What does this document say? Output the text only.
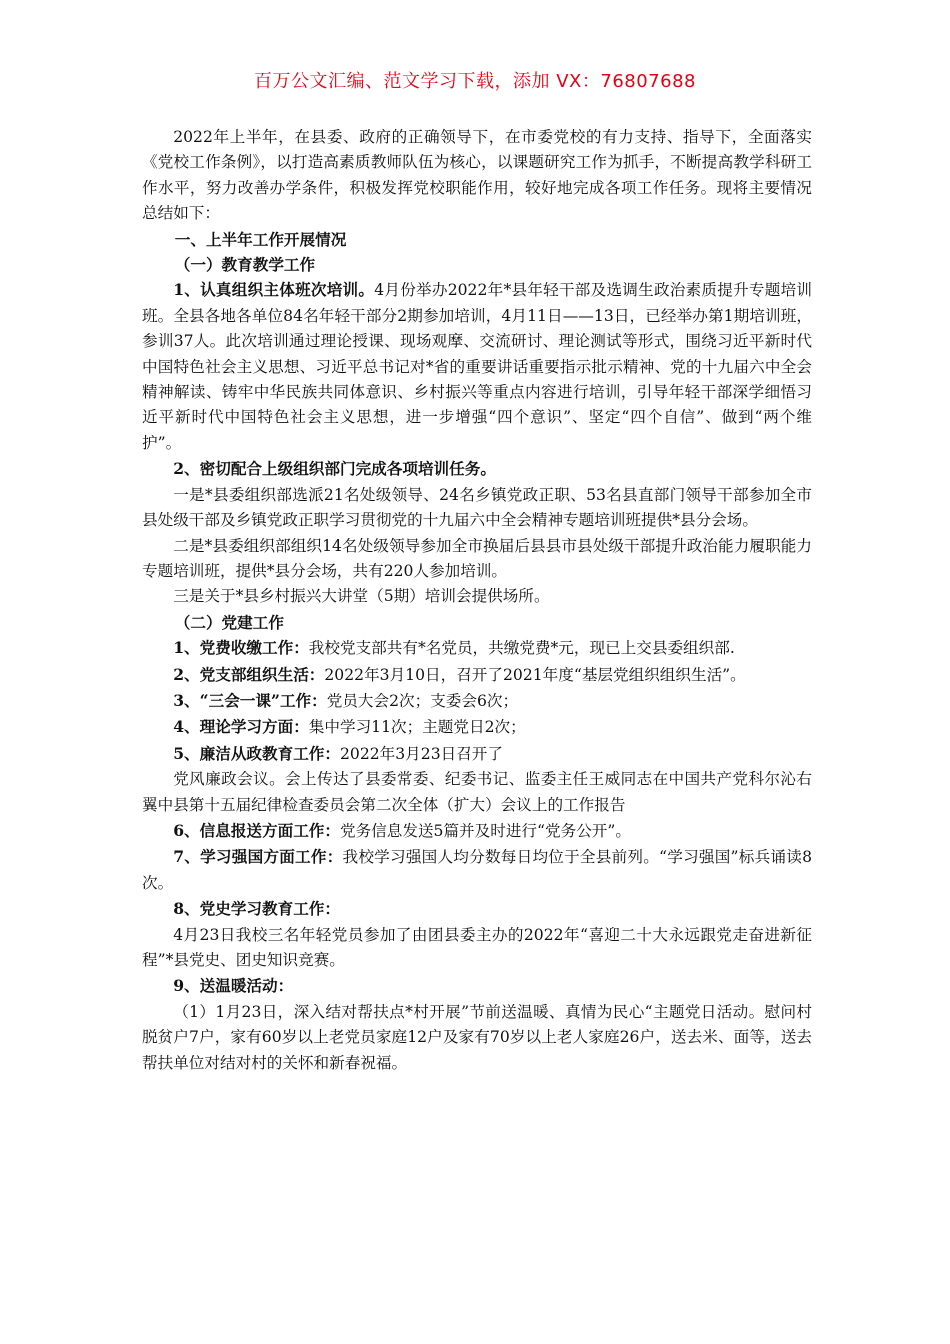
百万公文汇编、范文学习下载，添加 VX：76807688

2022年上半年，在县委、政府的正确领导下，在市委党校的有力支持、指导下，全面落实《党校工作条例》，以打造高素质教师队伍为核心，以课题研究工作为抓手，不断提高教学科研工作水平，努力改善办学条件，积极发挥党校职能作用，较好地完成各项工作任务。现将主要情况总结如下：

一、上半年工作开展情况

（一）教育教学工作

1、认真组织主体班次培训。4月份举办2022年*县年轻干部及选调生政治素质提升专题培训班。全县各地各单位84名年轻干部分2期参加培训，4月11日——13日，已经举办第1期培训班，参训37人。此次培训通过理论授课、现场观摩、交流研讨、理论测试等形式，围绕习近平新时代中国特色社会主义思想、习近平总书记对*省的重要讲话重要指示批示精神、党的十九届六中全会精神解读、铸牢中华民族共同体意识、乡村振兴等重点内容进行培训，引导年轻干部深学细悟习近平新时代中国特色社会主义思想，进一步增强“四个意识”、坚定“四个自信”、做到“两个维护”。

2、密切配合上级组织部门完成各项培训任务。

一是*县委组织部选派21名处级领导、24名乡镇党政正职、53名县直部门领导干部参加全市县处级干部及乡镇党政正职学习贯彻党的十九届六中全会精神专题培训班提供*县分会场。

二是*县委组织部组织14名处级领导参加全市换届后县县市县处级干部提升政治能力履职能力专题培训班，提供*县分会场，共有220人参加培训。

三是关于*县乡村振兴大讲堂（5期）培训会提供场所。

（二）党建工作

1、党费收缴工作：我校党支部共有*名党员，共缴党费*元，现已上交县委组织部.

2、党支部组织生活：2022年3月10日，召开了2021年度“基层党组织组织生活”。

3、“三会一课”工作：党员大会2次；支委会6次；

4、理论学习方面：集中学习11次；主题党日2次；

5、廉洁从政教育工作：2022年3月23日召开了

党风廉政会议。会上传达了县委常委、纪委书记、监委主任王威同志在中国共产党科尔沁右翼中县第十五届纪律检查委员会第二次全体（扩大）会议上的工作报告

6、信息报送方面工作：党务信息发送5篇并及时进行“党务公开”。

7、学习强国方面工作：我校学习强国人均分数每日均位于全县前列。“学习强国”标兵诵读8次。

8、党史学习教育工作：

4月23日我校三名年轻党员参加了由团县委主办的2022年“喜迎二十大永远跟党走奋进新征程”*县党史、团史知识竞赛。

9、送温暖活动：

（1）1月23日，深入结对帮扶点*村开展”节前送温暖、真情为民心“主题党日活动。慰问村脱贫户7户，家有60岁以上老党员家庭12户及家有70岁以上老人家庭26户，送去米、面等，送去帮扶单位对结对村的关怀和新春祝福。
